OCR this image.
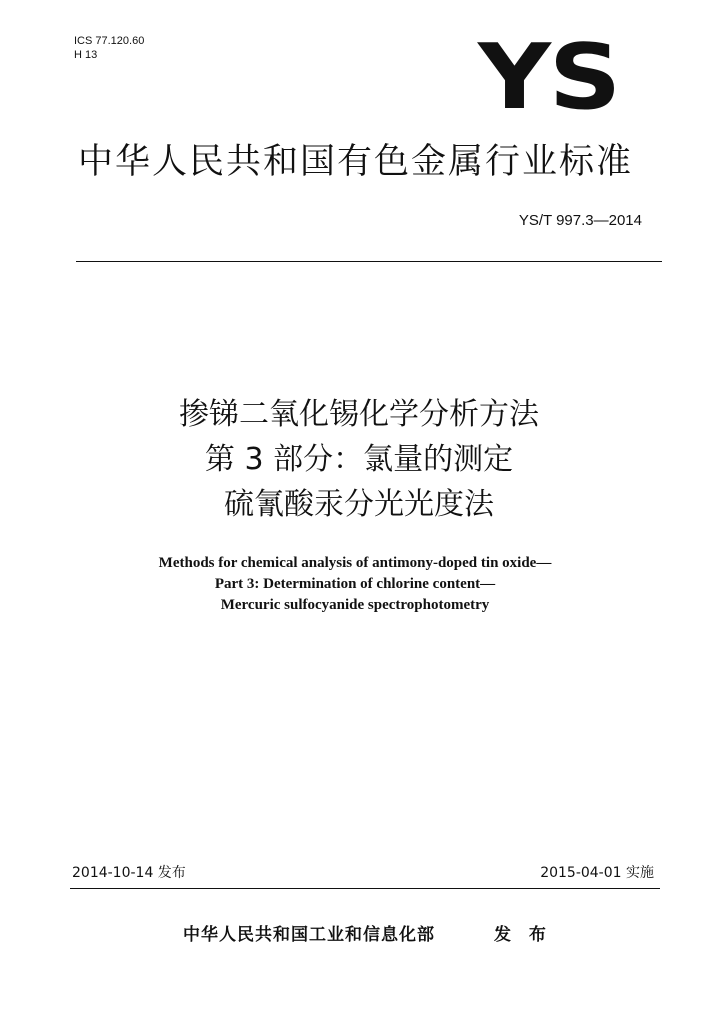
ICS 77.120.60
H 13	YS
中华人民共和国有色金属行业标准
YS/T 997.3—2014
掺锑二氧化锡化学分析方法
第 3 部分：氯量的测定
硫氰酸汞分光光度法
Methods for chemical analysis of antimony-doped tin oxide—
Part 3: Determination of chlorine content—
Mercuric sulfocyanide spectrophotometry
2014-10-14 发布	2015-04-01 实施
中华人民共和国工业和信息化部	发 布
